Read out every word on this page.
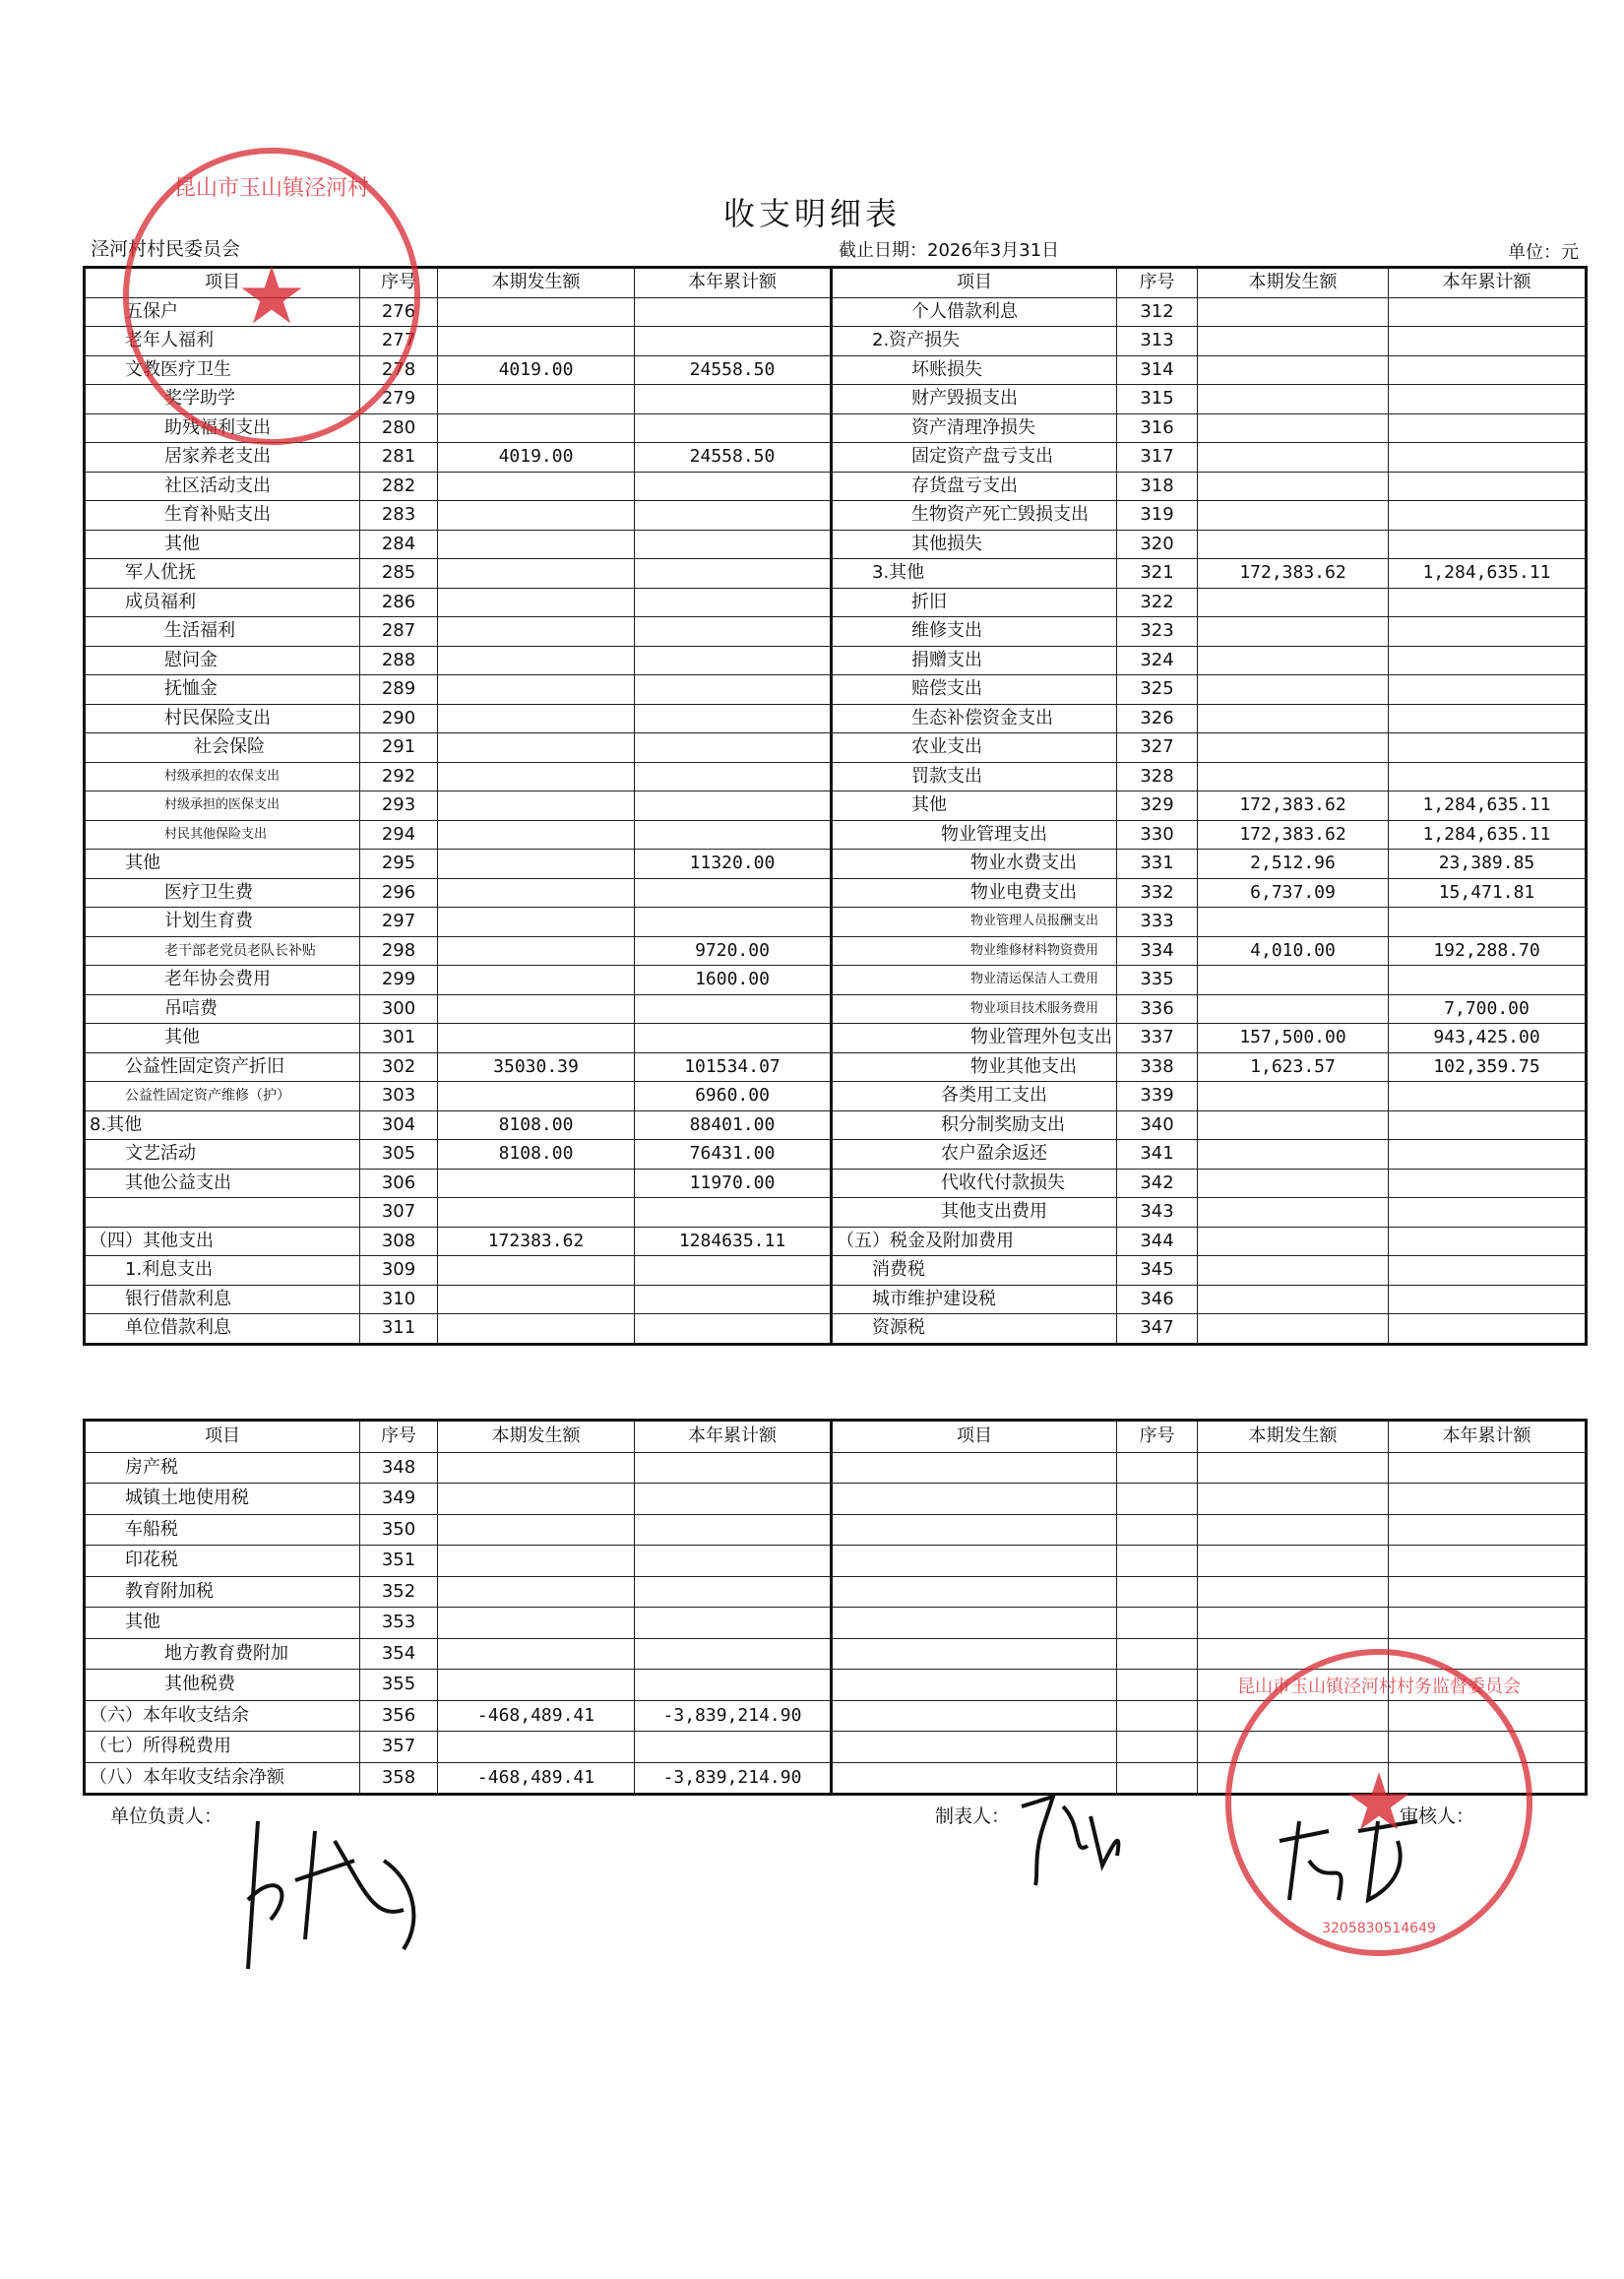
收支明细表
泾河村村民委员会	截止日期：2026年3月31日	单位：元
项目	序号	本期发生额	本年累计额	项目	序号	本期发生额	本年累计额
五保户	276			个人借款利息	312		
老年人福利	277			2.资产损失	313		
文教医疗卫生	278	4019.00	24558.50	坏账损失	314		
奖学助学	279			财产毁损支出	315		
助残福利支出	280			资产清理净损失	316		
居家养老支出	281	4019.00	24558.50	固定资产盘亏支出	317		
社区活动支出	282			存货盘亏支出	318		
生育补贴支出	283			生物资产死亡毁损支出	319		
其他	284			其他损失	320		
军人优抚	285			3.其他	321	172,383.62	1,284,635.11
成员福利	286			折旧	322		
生活福利	287			维修支出	323		
慰问金	288			捐赠支出	324		
抚恤金	289			赔偿支出	325		
村民保险支出	290			生态补偿资金支出	326		
社会保险	291			农业支出	327		
村级承担的农保支出	292			罚款支出	328		
村级承担的医保支出	293			其他	329	172,383.62	1,284,635.11
村民其他保险支出	294			物业管理支出	330	172,383.62	1,284,635.11
其他	295		11320.00	物业水费支出	331	2,512.96	23,389.85
医疗卫生费	296			物业电费支出	332	6,737.09	15,471.81
计划生育费	297			物业管理人员报酬支出	333		
老干部老党员老队长补贴	298		9720.00	物业维修材料物资费用	334	4,010.00	192,288.70
老年协会费用	299		1600.00	物业清运保洁人工费用	335		
吊唁费	300			物业项目技术服务费用	336		7,700.00
其他	301			物业管理外包支出	337	157,500.00	943,425.00
公益性固定资产折旧	302	35030.39	101534.07	物业其他支出	338	1,623.57	102,359.75
公益性固定资产维修（护）	303		6960.00	各类用工支出	339		
8.其他	304	8108.00	88401.00	积分制奖励支出	340		
文艺活动	305	8108.00	76431.00	农户盈余返还	341		
其他公益支出	306		11970.00	代收代付款损失	342		
	307			其他支出费用	343		
（四）其他支出	308	172383.62	1284635.11	（五）税金及附加费用	344		
1.利息支出	309			消费税	345		
银行借款利息	310			城市维护建设税	346		
单位借款利息	311			资源税	347		
项目	序号	本期发生额	本年累计额	项目	序号	本期发生额	本年累计额
房产税	348						
城镇土地使用税	349						
车船税	350						
印花税	351						
教育附加税	352						
其他	353						
地方教育费附加	354						
其他税费	355						
（六）本年收支结余	356	-468,489.41	-3,839,214.90				
（七）所得税费用	357						
（八）本年收支结余净额	358	-468,489.41	-3,839,214.90				
单位负责人：	制表人：	审核人：
昆山市玉山镇泾河村
★
昆山市玉山镇泾河村村务监督委员会
★
3205830514649
